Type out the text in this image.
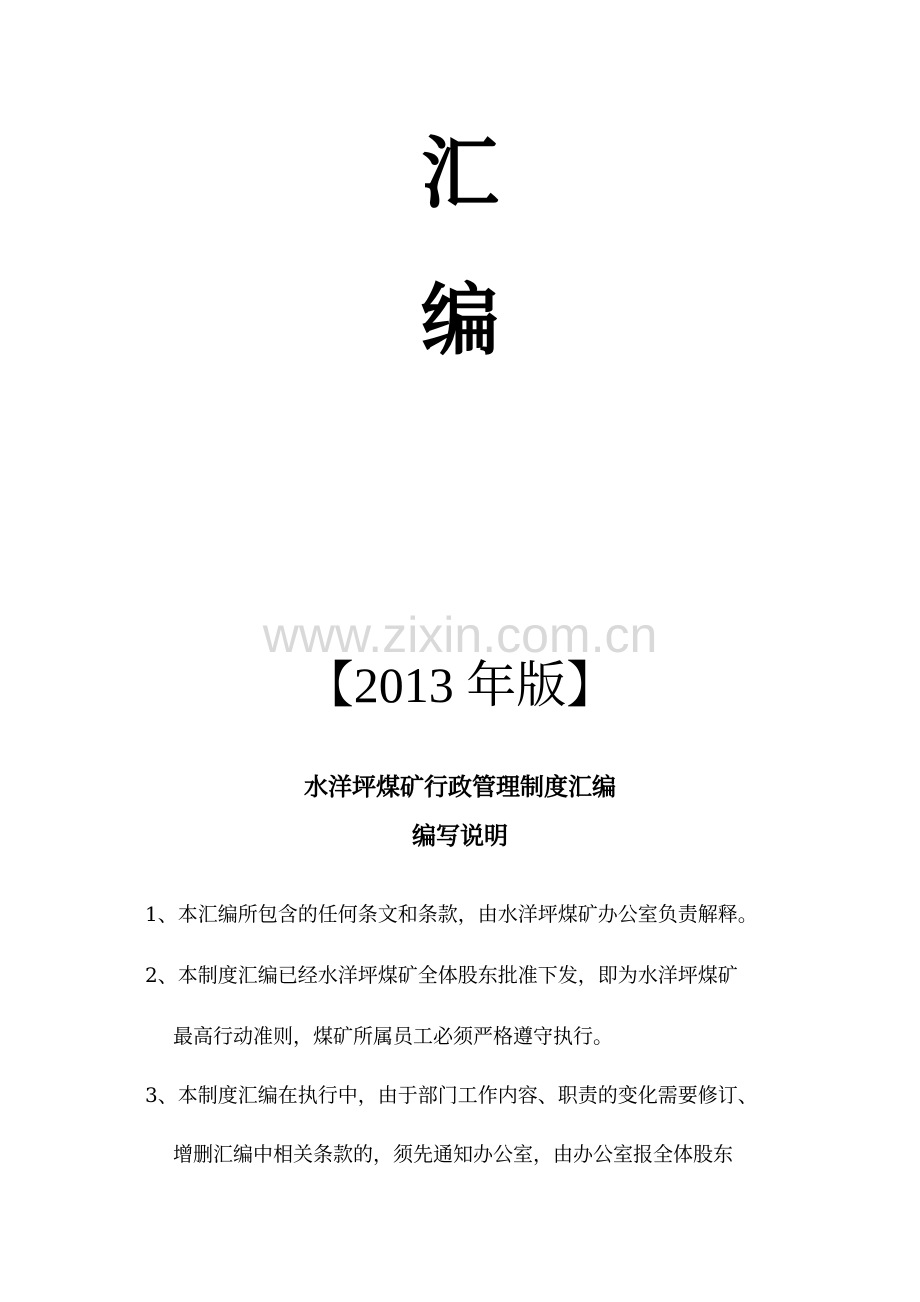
汇
编
www.zixin.com.cn
【2013 年版】
水洋坪煤矿行政管理制度汇编
编写说明
1、本汇编所包含的任何条文和条款，由水洋坪煤矿办公室负责解释。
2、本制度汇编已经水洋坪煤矿全体股东批准下发，即为水洋坪煤矿
最高行动准则，煤矿所属员工必须严格遵守执行。
3、本制度汇编在执行中，由于部门工作内容、职责的变化需要修订、
增删汇编中相关条款的，须先通知办公室，由办公室报全体股东
